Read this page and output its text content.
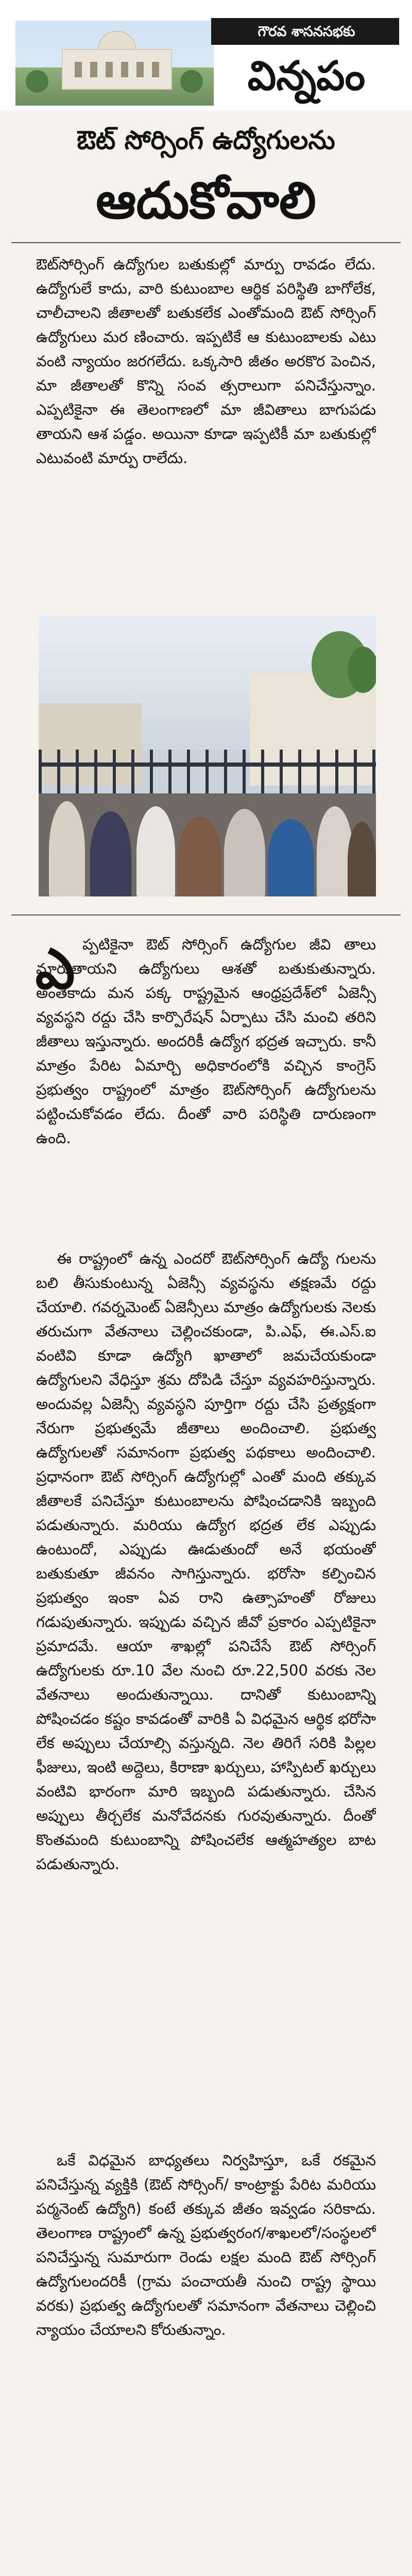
గౌరవ శాసనసభకు
విన్నపం
ఔట్ సోర్సింగ్ ఉద్యోగులను
ఆదుకోవాలి
ఔట్‌సోర్సింగ్ ఉద్యోగుల బతుకుల్లో మార్పు రావడం లేదు. ఉద్యోగులే కాదు, వారి కుటుంబాల ఆర్థిక పరిస్థితి బాగోలేక, చాలీచాలని జీతాలతో బతుకలేక ఎంతోమంది ఔట్ సోర్సింగ్ ఉద్యోగులు మర ణించారు. ఇప్పటికే ఆ కుటుంబాలకు ఎటు వంటి న్యాయం జరగలేదు. ఒక్కసారి జీతం అరకొర పెంచిన, మా జీతాలతో కొన్ని సంవ త్సరాలుగా పనిచేస్తున్నాం. ఎప్పటికైనా ఈ తెలంగాణలో మా జీవితాలు బాగుపడు తాయని ఆశ పడ్డం. అయినా కూడా ఇప్పటికీ మా బతుకుల్లో ఎటువంటి మార్పు రాలేదు.
ఎ ప్పటికైనా ఔట్ సోర్సింగ్ ఉద్యోగుల జీవి తాలు మారుతాయని ఉద్యోగులు ఆశతో బతుకుతున్నారు. అంతేకాదు మన పక్క రాష్ట్రమైన ఆంధ్రప్రదేశ్‌లో ఏజెన్సీ వ్యవస్థని రద్దు చేసి కార్పొరేషన్ ఏర్పాటు చేసి మంచి తరిని జీతాలు ఇస్తున్నారు. అందరికీ ఉద్యోగ భద్రత ఇచ్చారు. కానీ మాత్రం పేరిట ఏమార్చి అధికారంలోకి వచ్చిన కాంగ్రెస్ ప్రభుత్వం రాష్ట్రంలో మాత్రం ఔట్‌సోర్సింగ్ ఉద్యోగులను పట్టించుకోవడం లేదు. దీంతో వారి పరిస్థితి దారుణంగా ఉంది.
ఈ రాష్ట్రంలో ఉన్న ఎందరో ఔట్‌సోర్సింగ్ ఉద్యో గులను బలి తీసుకుంటున్న ఏజెన్సీ వ్యవస్థను తక్షణమే రద్దు చేయాలి. గవర్నమెంట్ ఏజెన్సీలు మాత్రం ఉద్యోగులకు నెలకు తరుచుగా వేతనాలు చెల్లించకుండా, పి.ఎఫ్, ఈ.ఎస్.ఐ వంటివి కూడా ఉద్యోగి ఖాతాలో జమచేయకుండా ఉద్యోగులని వేధిస్తూ శ్రమ దోపిడి చేస్తూ వ్యవహరిస్తున్నారు. అందువల్ల ఏజెన్సీ వ్యవస్థని పూర్తిగా రద్దు చేసి ప్రత్యక్షంగా నేరుగా ప్రభుత్వమే జీతాలు అందించాలి. ప్రభుత్వ ఉద్యోగులతో సమానంగా ప్రభుత్వ పథకాలు అందించాలి. ప్రధానంగా ఔట్ సోర్సింగ్ ఉద్యోగుల్లో ఎంతో మంది తక్కువ జీతాలకే పనిచేస్తూ కుటుంబాలను పోషించడానికి ఇబ్బంది పడుతున్నారు. మరియు ఉద్యోగ భద్రత లేక ఎప్పుడు ఉంటుందో, ఎప్పుడు ఊడుతుందో అనే భయంతో బతుకుతూ జీవనం సాగిస్తున్నారు. భరోసా కల్పించిన ప్రభుత్వం ఇంకా ఏవ రాని ఉత్సాహంతో రోజులు గడుపుతున్నారు. ఇప్పుడు వచ్చిన జీవో ప్రకారం ఎప్పటికైనా ప్రమాదమే. ఆయా శాఖల్లో పనిచేసే ఔట్ సోర్సింగ్ ఉద్యోగులకు రూ.10 వేల నుంచి రూ.22,500 వరకు నెల వేతనాలు అందుతున్నాయి. దానితో కుటుంబాన్ని పోషించడం కష్టం కావడంతో వారికి ఏ విధమైన ఆర్థిక భరోసా లేక అప్పులు చేయాల్సి వస్తున్నది. నెల తిరిగే సరికి పిల్లల ఫీజులు, ఇంటి అద్దెలు, కిరాణా ఖర్చులు, హాస్పిటల్ ఖర్చులు వంటివి భారంగా మారి ఇబ్బంది పడుతున్నారు. చేసిన అప్పులు తీర్చలేక మనోవేదనకు గురవుతున్నారు. దీంతో కొంతమంది కుటుంబాన్ని పోషించలేక ఆత్మహత్యల బాట పడుతున్నారు.
ఒకే విధమైన బాధ్యతలు నిర్వహిస్తూ, ఒకే రకమైన పనిచేస్తున్న వ్యక్తికి (ఔట్ సోర్సింగ్/ కాంట్రాక్టు పేరిట మరియు పర్మనెంట్ ఉద్యోగి) కంటే తక్కువ జీతం ఇవ్వడం సరికాదు. తెలంగాణ రాష్ట్రంలో ఉన్న ప్రభుత్వరంగ/శాఖలలో/సంస్థలలో పనిచేస్తున్న సుమారుగా రెండు లక్షల మంది ఔట్ సోర్సింగ్ ఉద్యోగులందరికీ (గ్రామ పంచాయతీ నుంచి రాష్ట్ర స్థాయి వరకు) ప్రభుత్వ ఉద్యోగులతో సమానంగా వేతనాలు చెల్లించి న్యాయం చేయాలని కోరుతున్నాం.
